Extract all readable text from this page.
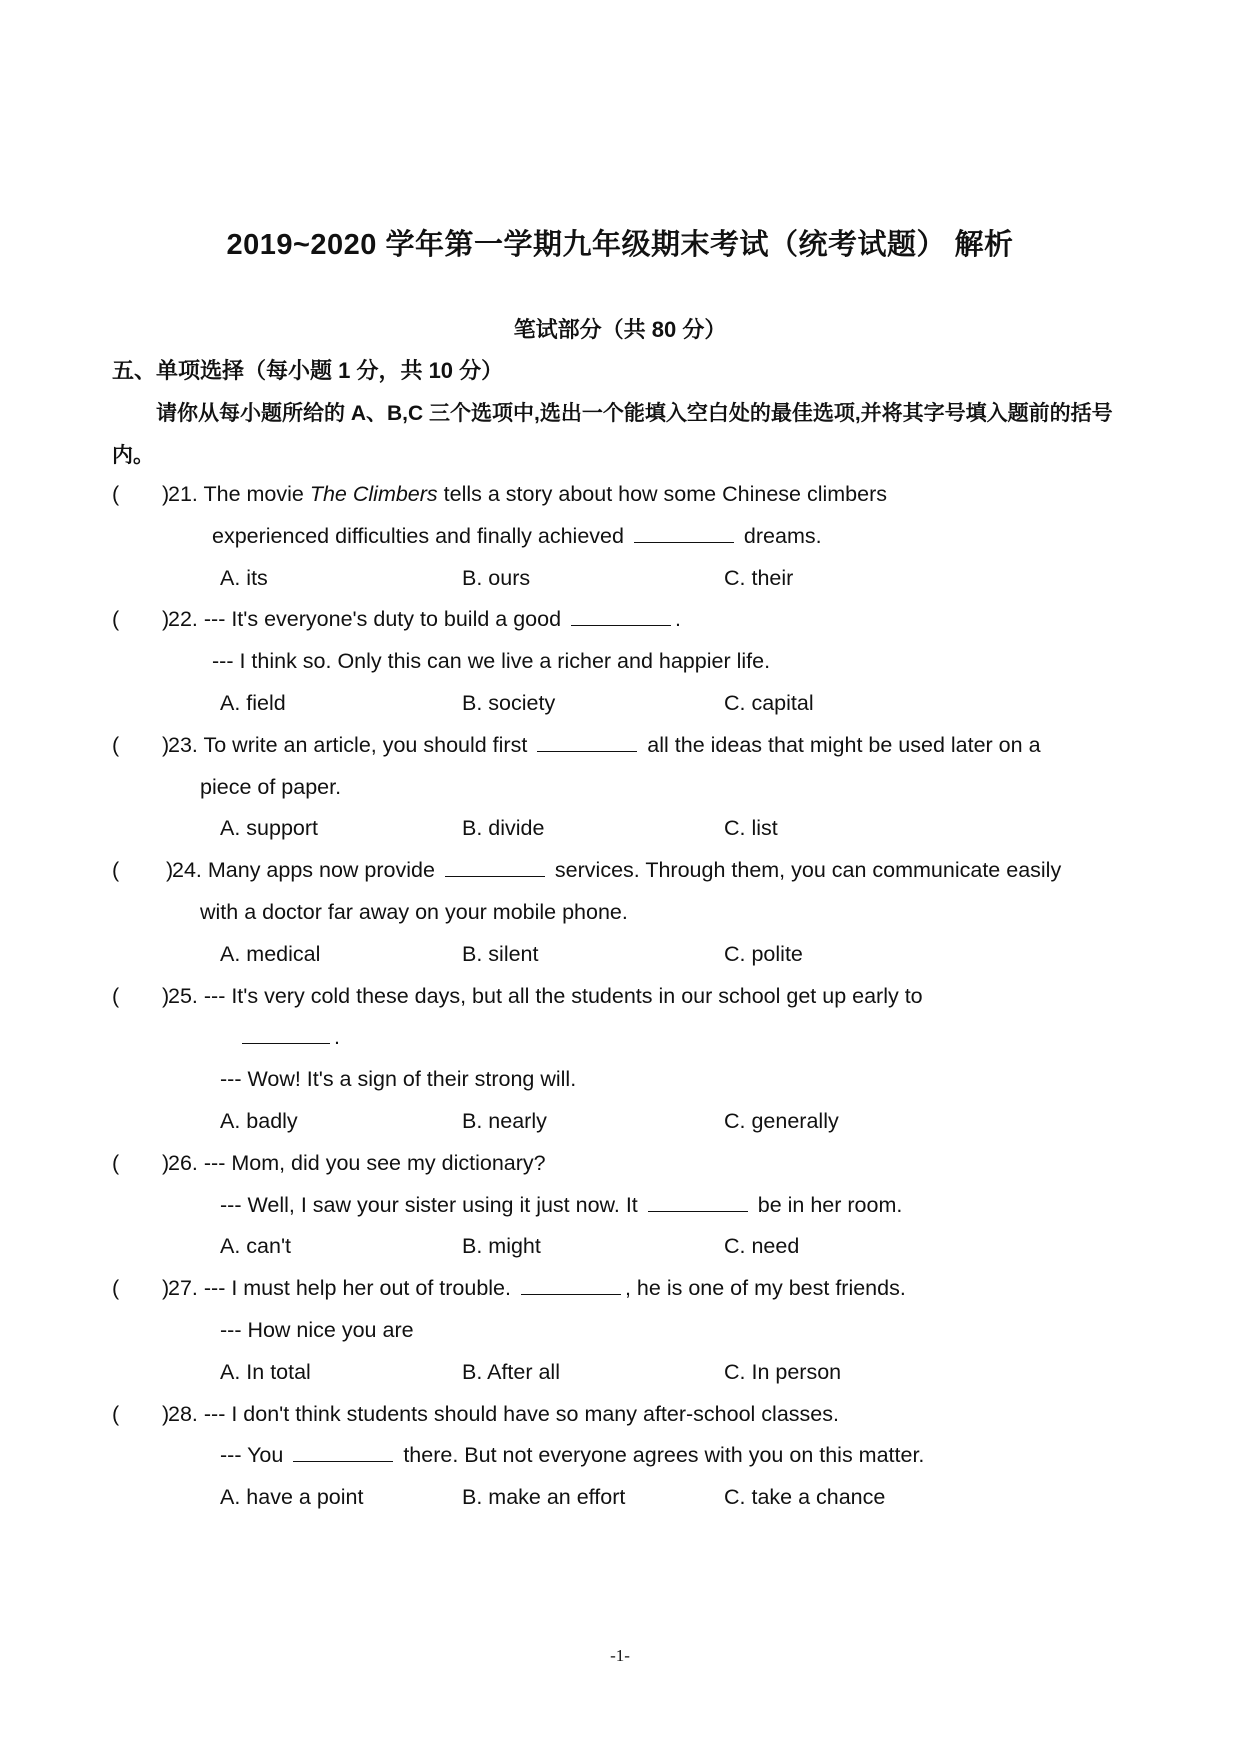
2019~2020 学年第一学期九年级期末考试（统考试题） 解析
笔试部分（共 80 分）
五、单项选择（每小题 1 分，共 10 分）
请你从每小题所给的 A、B,C 三个选项中,选出一个能填入空白处的最佳选项,并将其字号填入题前的括号内。
( )
21. The movie The Climbers tells a story about how some Chinese climbers
experienced difficulties and finally achieved	dreams.
A. its	B. ours	C. their
( )
22. --- It's everyone's duty to build a good	.
--- I think so. Only this can we live a richer and happier life.
A. field	B. society	C. capital
( )
23. To write an article, you should first	all the ideas that might be used later on a
piece of paper.
A. support	B. divide	C. list
( )
24. Many apps now provide	services. Through them, you can communicate easily
with a doctor far away on your mobile phone.
A. medical	B. silent	C. polite
( )
25. --- It's very cold these days, but all the students in our school get up early to
.
--- Wow! It's a sign of their strong will.
A. badly	B. nearly	C. generally
( )
26. --- Mom, did you see my dictionary?
--- Well, I saw your sister using it just now. It	be in her room.
A. can't	B. might	C. need
( )
27. --- I must help her out of trouble.	, he is one of my best friends.
--- How nice you are
A. In total	B. After all	C. In person
( )
28. --- I don't think students should have so many after-school classes.
--- You	there. But not everyone agrees with you on this matter.
A. have a point	B. make an effort	C. take a chance
-1-
